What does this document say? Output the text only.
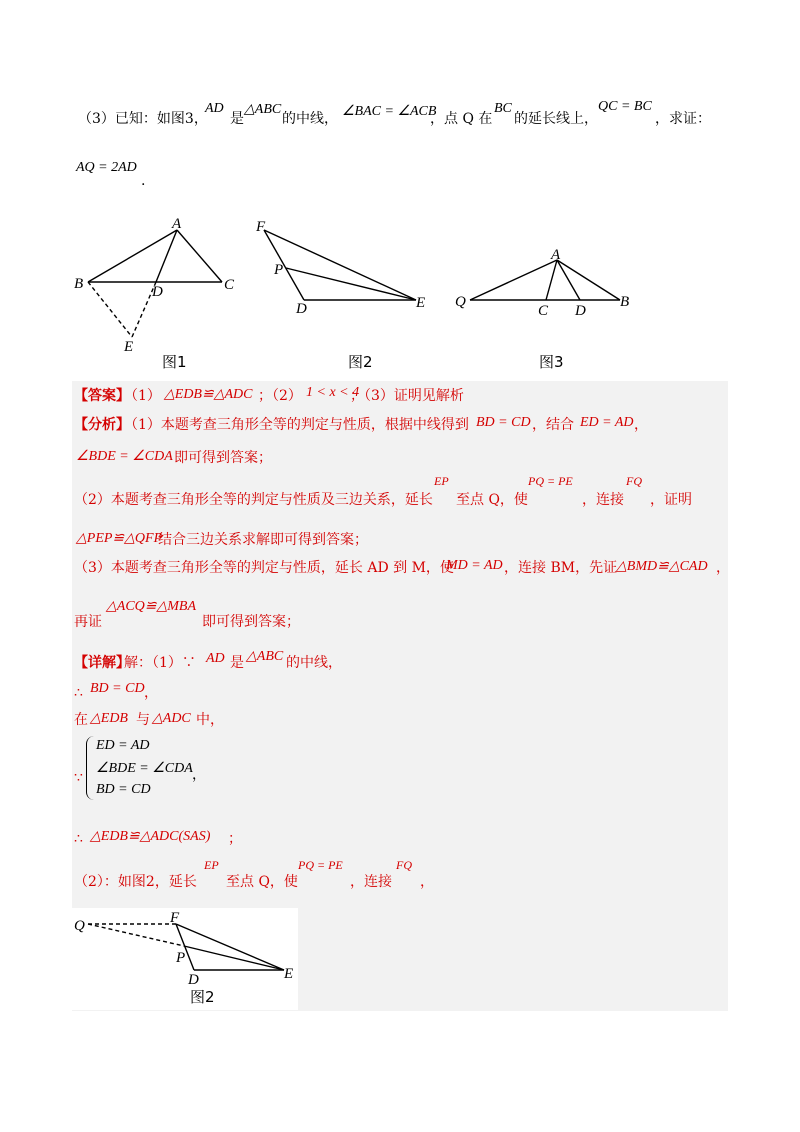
（3）已知：如图3，
AD
是
△ABC
的中线， ∠BAC = ∠ACB
，点 Q 在
BC
的延长线上，
QC = BC
，求证：
AQ = 2AD
.
A
B	C
D
E
图1
F
P
D	E
图2
A
Q
C D
B
图3
【答案】
（1） △EDB≌△ADC ；（2） 1 < x < 4
；（3）证明见解析
【分析】
（1）本题考查三角形全等的判定与性质，根据中线得到 BD = CD ，结合 ED = AD ，
∠BDE = ∠CDA 即可得到答案；
（2）本题考查三角形全等的判定与性质及三边关系，延长
EP
至点 Q，使
PQ = PE
，连接
FQ
，证明
△PEP≌△QFP
结合三边关系求解即可得到答案；
（3）本题考查三角形全等的判定与性质，延长 AD 到 M，使
MD = AD ，连接 BM，先证
△BMD≌△CAD ，
再证
△ACQ≌△MBA
即可得到答案；
【详解】
解：（1）∵ AD 是 △ABC 的中线，
∴ BD = CD ，
在 △EDB 与 △ADC 中，
∵
ED = AD
∠BDE = ∠CDA
BD = CD
，
∴ △EDB≌△ADC(SAS) ；
（2）：如图2，延长
EP
至点 Q，使
PQ = PE
，连接
FQ
，
Q	F
P
D	E
图2
